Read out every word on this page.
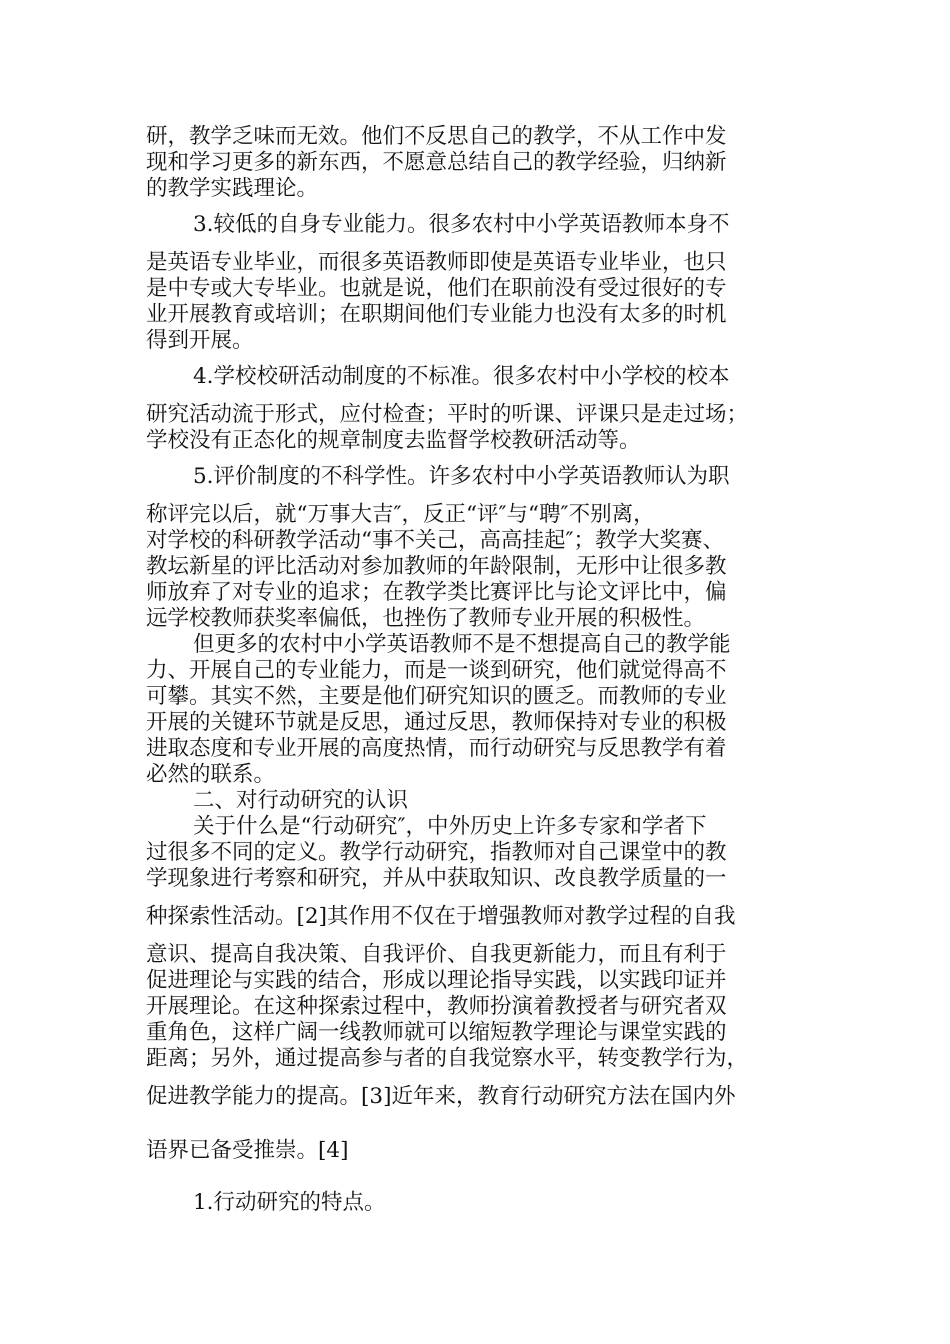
研，教学乏味而无效。他们不反思自己的教学，不从工作中发
现和学习更多的新东西，不愿意总结自己的教学经验，归纳新
的教学实践理论。
3.较低的自身专业能力。很多农村中小学英语教师本身不
是英语专业毕业，而很多英语教师即使是英语专业毕业，也只
是中专或大专毕业。也就是说，他们在职前没有受过很好的专
业开展教育或培训；在职期间他们专业能力也没有太多的时机
得到开展。
4.学校校研活动制度的不标准。很多农村中小学校的校本
研究活动流于形式，应付检查；平时的听课、评课只是走过场；
学校没有正态化的规章制度去监督学校教研活动等。
5.评价制度的不科学性。许多农村中小学英语教师认为职
称评完以后，就“万事大吉″，反正“评″与“聘″不别离，
对学校的科研教学活动“事不关己，高高挂起″；教学大奖赛、
教坛新星的评比活动对参加教师的年龄限制，无形中让很多教
师放弃了对专业的追求；在教学类比赛评比与论文评比中，偏
远学校教师获奖率偏低，也挫伤了教师专业开展的积极性。
但更多的农村中小学英语教师不是不想提高自己的教学能
力、开展自己的专业能力，而是一谈到研究，他们就觉得高不
可攀。其实不然，主要是他们研究知识的匮乏。而教师的专业
开展的关键环节就是反思，通过反思，教师保持对专业的积极
进取态度和专业开展的高度热情，而行动研究与反思教学有着
必然的联系。
二、对行动研究的认识
关于什么是“行动研究″，中外历史上许多专家和学者下
过很多不同的定义。教学行动研究，指教师对自己课堂中的教
学现象进行考察和研究，并从中获取知识、改良教学质量的一
种探索性活动。[2]其作用不仅在于增强教师对教学过程的自我
意识、提高自我决策、自我评价、自我更新能力，而且有利于
促进理论与实践的结合，形成以理论指导实践，以实践印证并
开展理论。在这种探索过程中，教师扮演着教授者与研究者双
重角色，这样广阔一线教师就可以缩短教学理论与课堂实践的
距离；另外，通过提高参与者的自我觉察水平，转变教学行为，
促进教学能力的提高。[3]近年来，教育行动研究方法在国内外
语界已备受推崇。[4]
1.行动研究的特点。
